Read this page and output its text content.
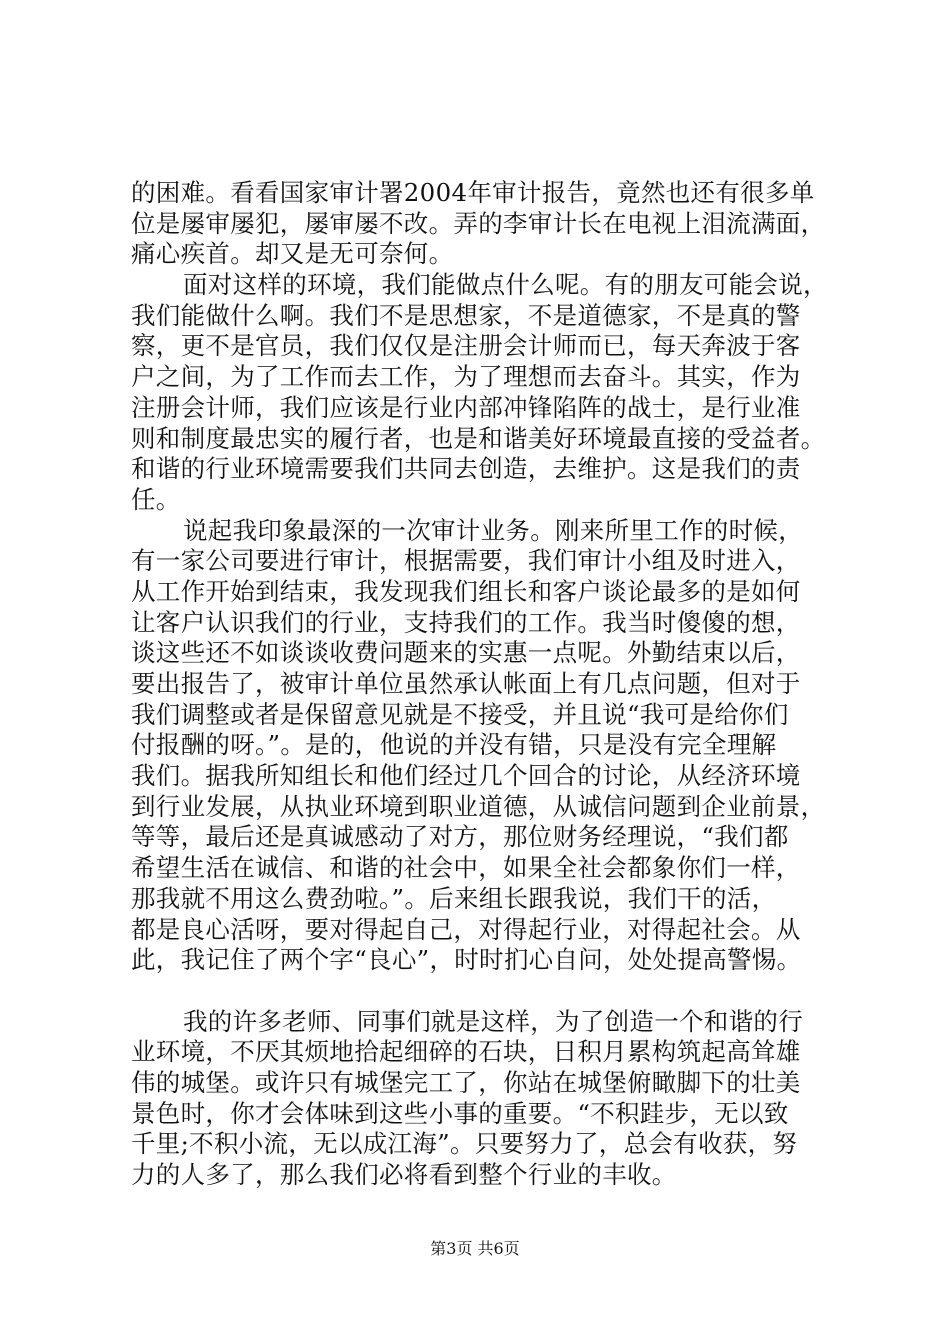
的困难。看看国家审计署2004年审计报告，竟然也还有很多单
位是屡审屡犯，屡审屡不改。弄的李审计长在电视上泪流满面，
痛心疾首。却又是无可奈何。
面对这样的环境，我们能做点什么呢。有的朋友可能会说，
我们能做什么啊。我们不是思想家，不是道德家，不是真的警
察，更不是官员，我们仅仅是注册会计师而已，每天奔波于客
户之间，为了工作而去工作，为了理想而去奋斗。其实，作为
注册会计师，我们应该是行业内部冲锋陷阵的战士，是行业准
则和制度最忠实的履行者，也是和谐美好环境最直接的受益者。
和谐的行业环境需要我们共同去创造，去维护。这是我们的责
任。
说起我印象最深的一次审计业务。刚来所里工作的时候，
有一家公司要进行审计，根据需要，我们审计小组及时进入，
从工作开始到结束，我发现我们组长和客户谈论最多的是如何
让客户认识我们的行业，支持我们的工作。我当时傻傻的想，
谈这些还不如谈谈收费问题来的实惠一点呢。外勤结束以后，
要出报告了，被审计单位虽然承认帐面上有几点问题，但对于
我们调整或者是保留意见就是不接受，并且说“我可是给你们
付报酬的呀。”。是的，他说的并没有错，只是没有完全理解
我们。据我所知组长和他们经过几个回合的讨论，从经济环境
到行业发展，从执业环境到职业道德，从诚信问题到企业前景，
等等，最后还是真诚感动了对方，那位财务经理说，“我们都
希望生活在诚信、和谐的社会中，如果全社会都象你们一样，
那我就不用这么费劲啦。”。后来组长跟我说，我们干的活，
都是良心活呀，要对得起自己，对得起行业，对得起社会。从
此，我记住了两个字“良心”，时时扪心自问，处处提高警惕。
我的许多老师、同事们就是这样，为了创造一个和谐的行
业环境，不厌其烦地拾起细碎的石块，日积月累构筑起高耸雄
伟的城堡。或许只有城堡完工了，你站在城堡俯瞰脚下的壮美
景色时，你才会体味到这些小事的重要。“不积跬步，无以致
千里;不积小流，无以成江海”。只要努力了，总会有收获，努
力的人多了，那么我们必将看到整个行业的丰收。
第3页 共6页
